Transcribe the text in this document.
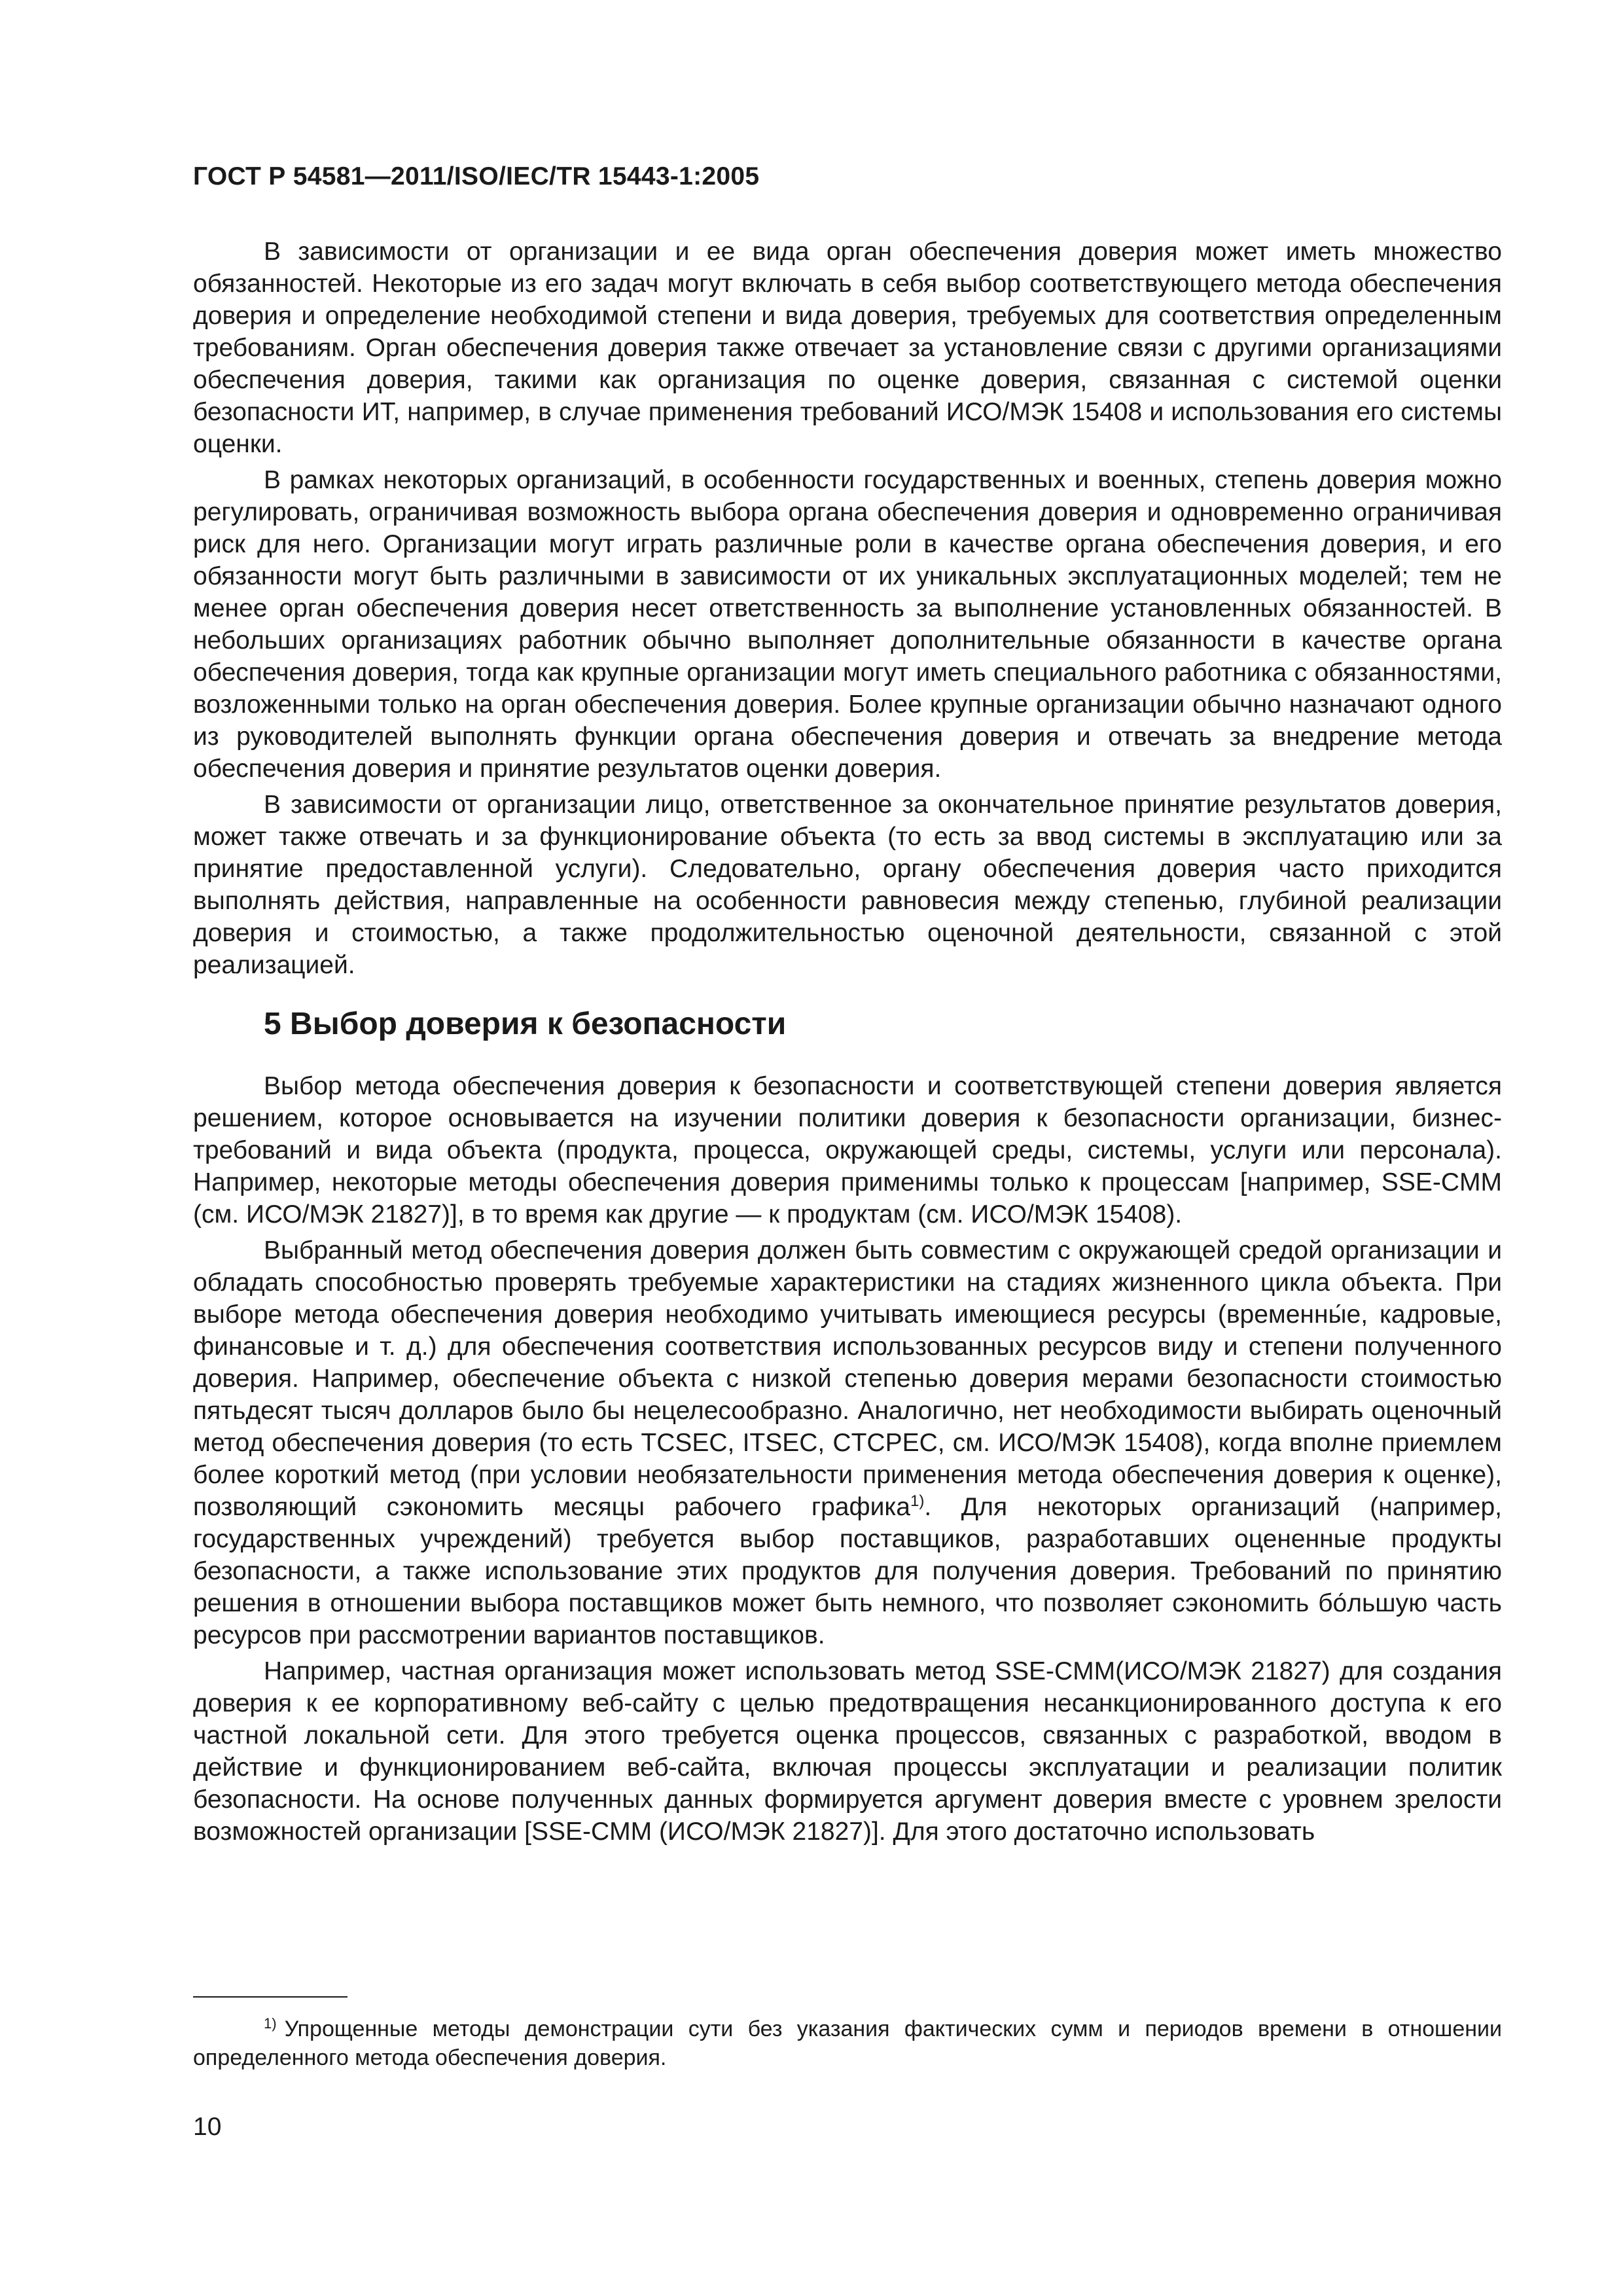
ГОСТ Р 54581—2011/ISO/IEC/TR 15443-1:2005

В зависимости от организации и ее вида орган обеспечения доверия может иметь множество обязанностей. Некоторые из его задач могут включать в себя выбор соответствующего метода обеспечения доверия и определение необходимой степени и вида доверия, требуемых для соответствия определенным требованиям. Орган обеспечения доверия также отвечает за установление связи с другими организациями обеспечения доверия, такими как организация по оценке доверия, связанная с системой оценки безопасности ИТ, например, в случае применения требований ИСО/МЭК 15408 и использования его системы оценки.

В рамках некоторых организаций, в особенности государственных и военных, степень доверия можно регулировать, ограничивая возможность выбора органа обеспечения доверия и одновременно ограничивая риск для него. Организации могут играть различные роли в качестве органа обеспечения доверия, и его обязанности могут быть различными в зависимости от их уникальных эксплуатационных моделей; тем не менее орган обеспечения доверия несет ответственность за выполнение установленных обязанностей. В небольших организациях работник обычно выполняет дополнительные обязанности в качестве органа обеспечения доверия, тогда как крупные организации могут иметь специального работника с обязанностями, возложенными только на орган обеспечения доверия. Более крупные организации обычно назначают одного из руководителей выполнять функции органа обеспечения доверия и отвечать за внедрение метода обеспечения доверия и принятие результатов оценки доверия.

В зависимости от организации лицо, ответственное за окончательное принятие результатов доверия, может также отвечать и за функционирование объекта (то есть за ввод системы в эксплуатацию или за принятие предоставленной услуги). Следовательно, органу обеспечения доверия часто приходится выполнять действия, направленные на особенности равновесия между степенью, глубиной реализации доверия и стоимостью, а также продолжительностью оценочной деятельности, связанной с этой реализацией.

5 Выбор доверия к безопасности

Выбор метода обеспечения доверия к безопасности и соответствующей степени доверия является решением, которое основывается на изучении политики доверия к безопасности организации, бизнес-требований и вида объекта (продукта, процесса, окружающей среды, системы, услуги или персонала). Например, некоторые методы обеспечения доверия применимы только к процессам [например, SSE-CMM (см. ИСО/МЭК 21827)], в то время как другие — к продуктам (см. ИСО/МЭК 15408).

Выбранный метод обеспечения доверия должен быть совместим с окружающей средой организации и обладать способностью проверять требуемые характеристики на стадиях жизненного цикла объекта. При выборе метода обеспечения доверия необходимо учитывать имеющиеся ресурсы (временны́е, кадровые, финансовые и т. д.) для обеспечения соответствия использованных ресурсов виду и степени полученного доверия. Например, обеспечение объекта с низкой степенью доверия мерами безопасности стоимостью пятьдесят тысяч долларов было бы нецелесообразно. Аналогично, нет необходимости выбирать оценочный метод обеспечения доверия (то есть TCSEC, ITSEC, CTCPEC, см. ИСО/МЭК 15408), когда вполне приемлем более короткий метод (при условии необязательности применения метода обеспечения доверия к оценке), позволяющий сэкономить месяцы рабочего графика$^{1)}$. Для некоторых организаций (например, государственных учреждений) требуется выбор поставщиков, разработавших оцененные продукты безопасности, а также использование этих продуктов для получения доверия. Требований по принятию решения в отношении выбора поставщиков может быть немного, что позволяет сэкономить бо́льшую часть ресурсов при рассмотрении вариантов поставщиков.

Например, частная организация может использовать метод SSE-CMM(ИСО/МЭК 21827) для создания доверия к ее корпоративному веб-сайту с целью предотвращения несанкционированного доступа к его частной локальной сети. Для этого требуется оценка процессов, связанных с разработкой, вводом в действие и функционированием веб-сайта, включая процессы эксплуатации и реализации политик безопасности. На основе полученных данных формируется аргумент доверия вместе с уровнем зрелости возможностей организации [SSE-CMM (ИСО/МЭК 21827)]. Для этого достаточно использовать

$^{1)}$ Упрощенные методы демонстрации сути без указания фактических сумм и периодов времени в отношении определенного метода обеспечения доверия.
10
